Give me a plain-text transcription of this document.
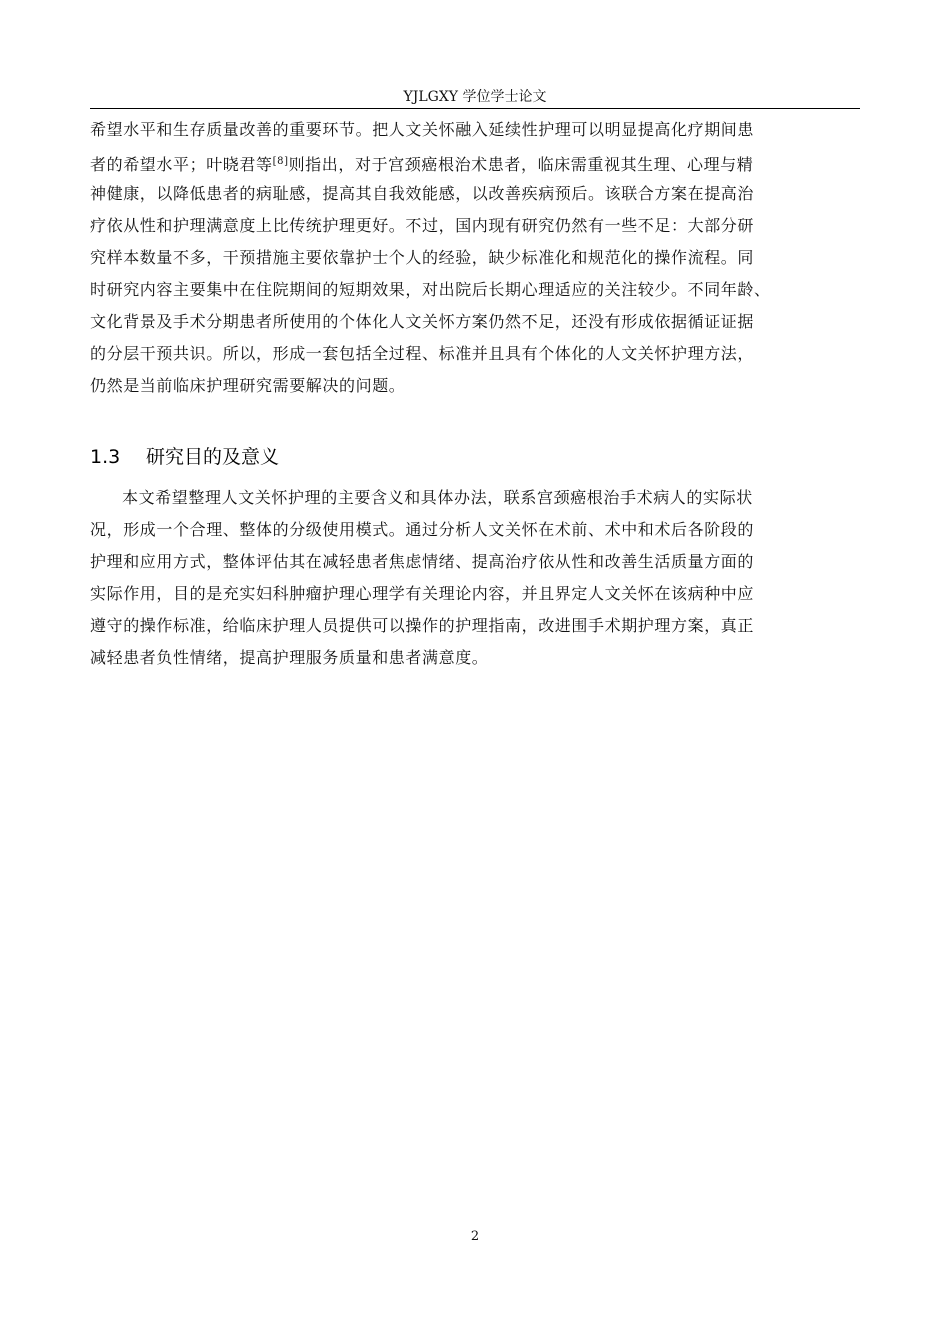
YJLGXY 学位学士论文
希望水平和生存质量改善的重要环节。把人文关怀融入延续性护理可以明显提高化疗期间患
者的希望水平；叶晓君等[8]则指出，对于宫颈癌根治术患者，临床需重视其生理、心理与精
神健康，以降低患者的病耻感，提高其自我效能感，以改善疾病预后。该联合方案在提高治
疗依从性和护理满意度上比传统护理更好。不过，国内现有研究仍然有一些不足：大部分研
究样本数量不多，干预措施主要依靠护士个人的经验，缺少标准化和规范化的操作流程。同
时研究内容主要集中在住院期间的短期效果，对出院后长期心理适应的关注较少。不同年龄、
文化背景及手术分期患者所使用的个体化人文关怀方案仍然不足，还没有形成依据循证证据
的分层干预共识。所以，形成一套包括全过程、标准并且具有个体化的人文关怀护理方法，
仍然是当前临床护理研究需要解决的问题。
1.3 研究目的及意义
本文希望整理人文关怀护理的主要含义和具体办法，联系宫颈癌根治手术病人的实际状
况，形成一个合理、整体的分级使用模式。通过分析人文关怀在术前、术中和术后各阶段的
护理和应用方式，整体评估其在减轻患者焦虑情绪、提高治疗依从性和改善生活质量方面的
实际作用，目的是充实妇科肿瘤护理心理学有关理论内容，并且界定人文关怀在该病种中应
遵守的操作标准，给临床护理人员提供可以操作的护理指南，改进围手术期护理方案，真正
减轻患者负性情绪，提高护理服务质量和患者满意度。
2
